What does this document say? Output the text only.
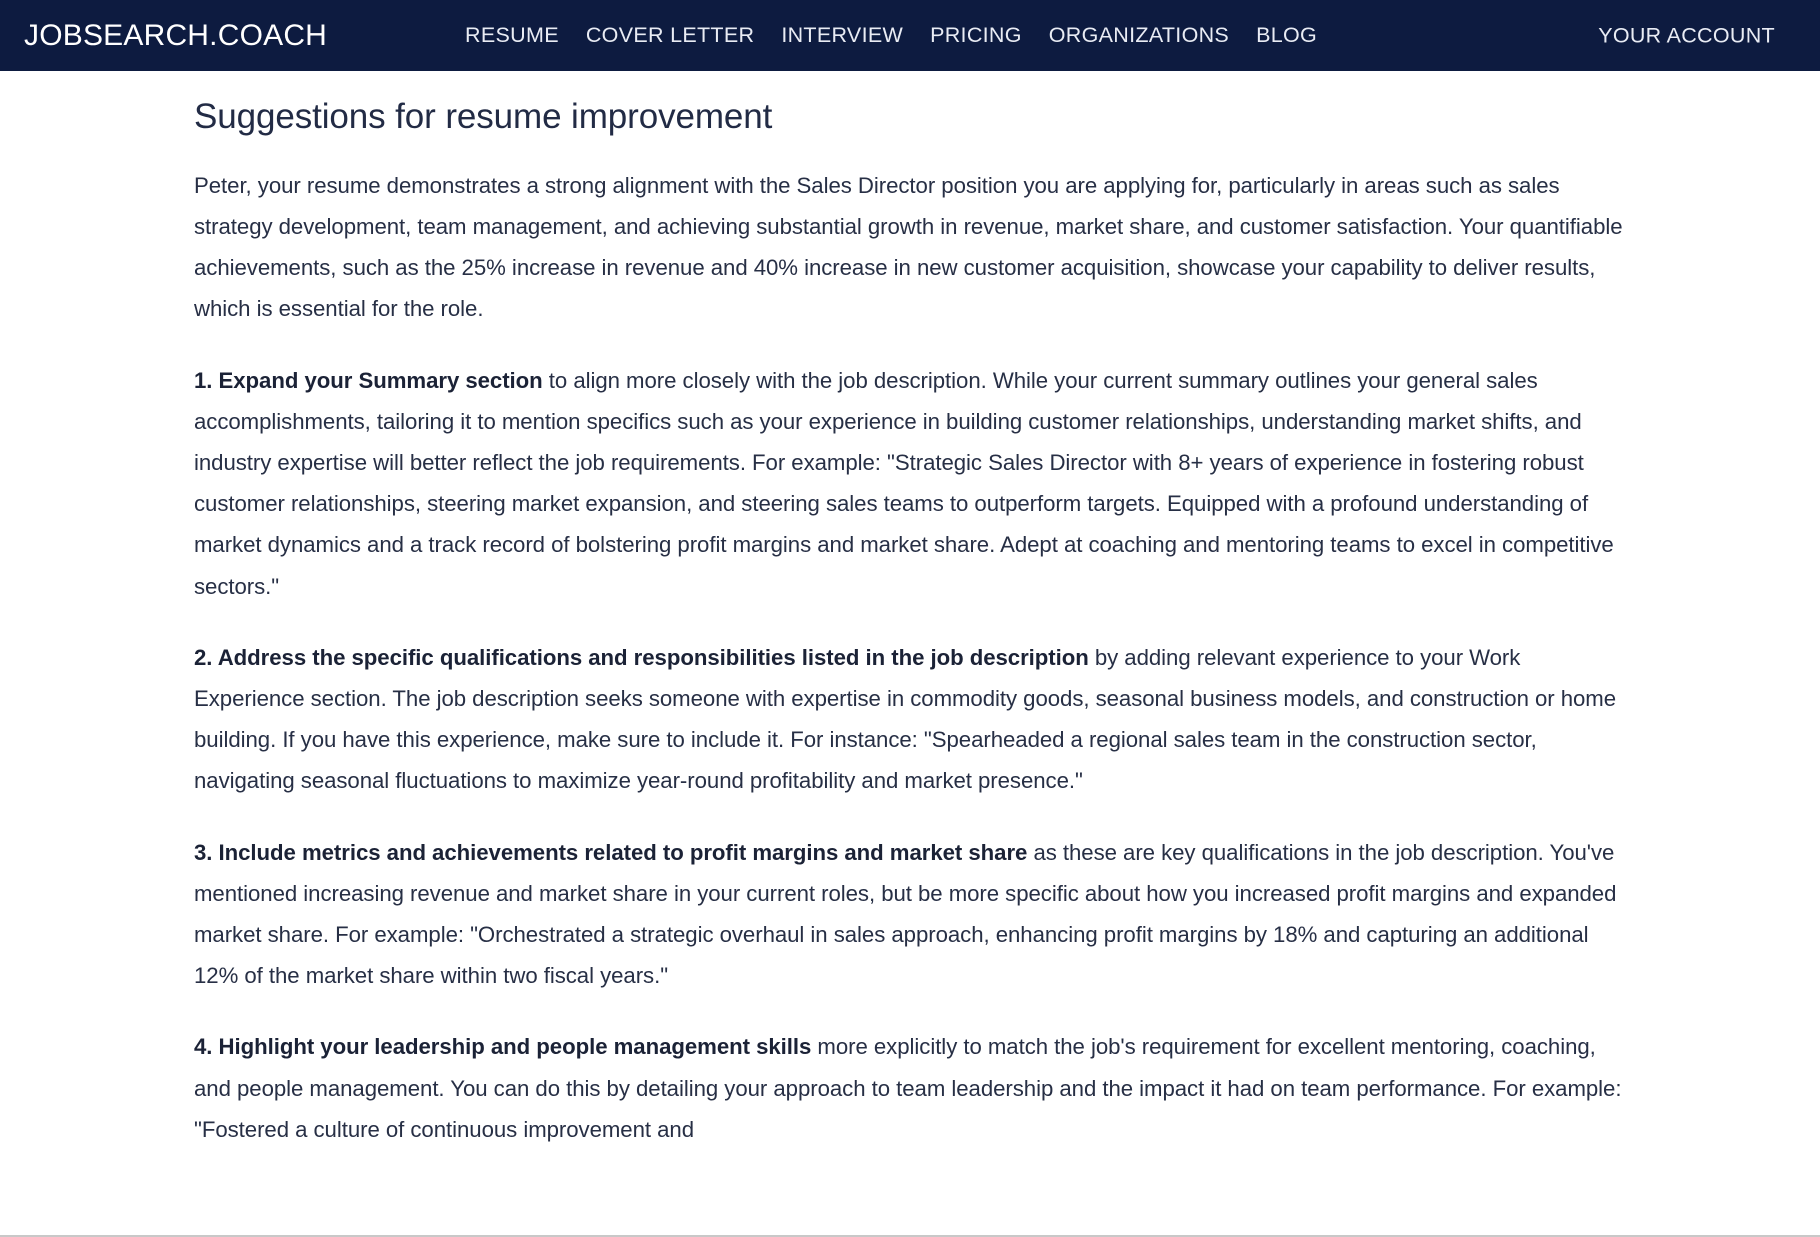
JOBSEARCH.COACH	RESUME COVER LETTER INTERVIEW PRICING ORGANIZATIONS BLOG	YOUR ACCOUNT
Suggestions for resume improvement

Peter, your resume demonstrates a strong alignment with the Sales Director position you are applying for, particularly in areas such as sales strategy development, team management, and achieving substantial growth in revenue, market share, and customer satisfaction. Your quantifiable achievements, such as the 25% increase in revenue and 40% increase in new customer acquisition, showcase your capability to deliver results, which is essential for the role.

1. Expand your Summary section to align more closely with the job description. While your current summary outlines your general sales accomplishments, tailoring it to mention specifics such as your experience in building customer relationships, understanding market shifts, and industry expertise will better reflect the job requirements. For example: "Strategic Sales Director with 8+ years of experience in fostering robust customer relationships, steering market expansion, and steering sales teams to outperform targets. Equipped with a profound understanding of market dynamics and a track record of bolstering profit margins and market share. Adept at coaching and mentoring teams to excel in competitive sectors."

2. Address the specific qualifications and responsibilities listed in the job description by adding relevant experience to your Work Experience section. The job description seeks someone with expertise in commodity goods, seasonal business models, and construction or home building. If you have this experience, make sure to include it. For instance: "Spearheaded a regional sales team in the construction sector, navigating seasonal fluctuations to maximize year-round profitability and market presence."

3. Include metrics and achievements related to profit margins and market share as these are key qualifications in the job description. You've mentioned increasing revenue and market share in your current roles, but be more specific about how you increased profit margins and expanded market share. For example: "Orchestrated a strategic overhaul in sales approach, enhancing profit margins by 18% and capturing an additional 12% of the market share within two fiscal years."

4. Highlight your leadership and people management skills more explicitly to match the job's requirement for excellent mentoring, coaching, and people management. You can do this by detailing your approach to team leadership and the impact it had on team performance. For example: "Fostered a culture of continuous improvement and
